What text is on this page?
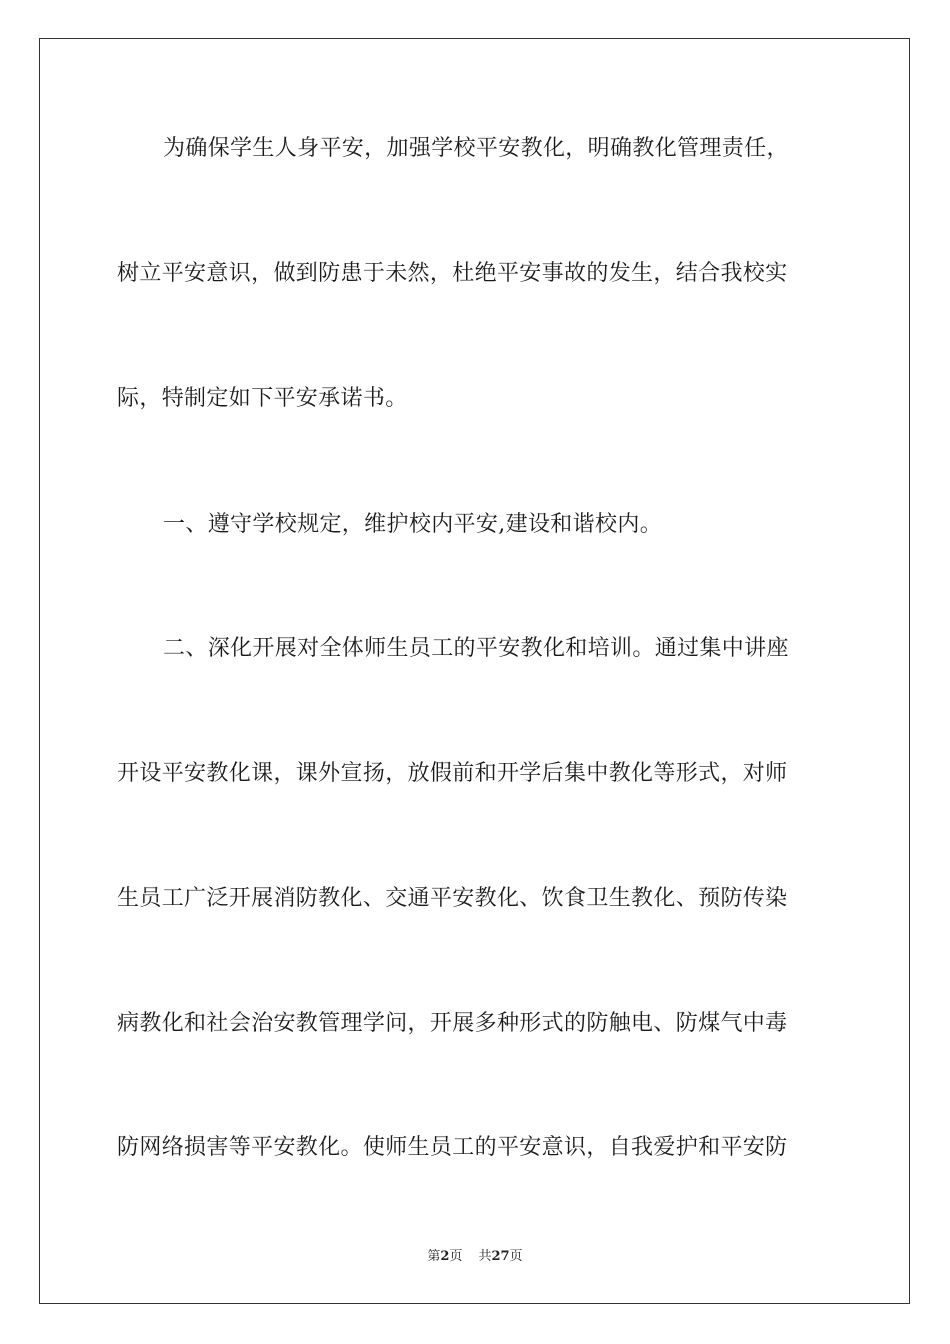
为确保学生人身平安，加强学校平安教化，明确教化管理责任，
树立平安意识，做到防患于未然，杜绝平安事故的发生，结合我校实
际，特制定如下平安承诺书。
一、遵守学校规定，维护校内平安,建设和谐校内。
二、深化开展对全体师生员工的平安教化和培训。通过集中讲座
开设平安教化课，课外宣扬，放假前和开学后集中教化等形式，对师
生员工广泛开展消防教化、交通平安教化、饮食卫生教化、预防传染
病教化和社会治安教管理学问，开展多种形式的防触电、防煤气中毒
防网络损害等平安教化。使师生员工的平安意识，自我爱护和平安防
第2页 共27页
